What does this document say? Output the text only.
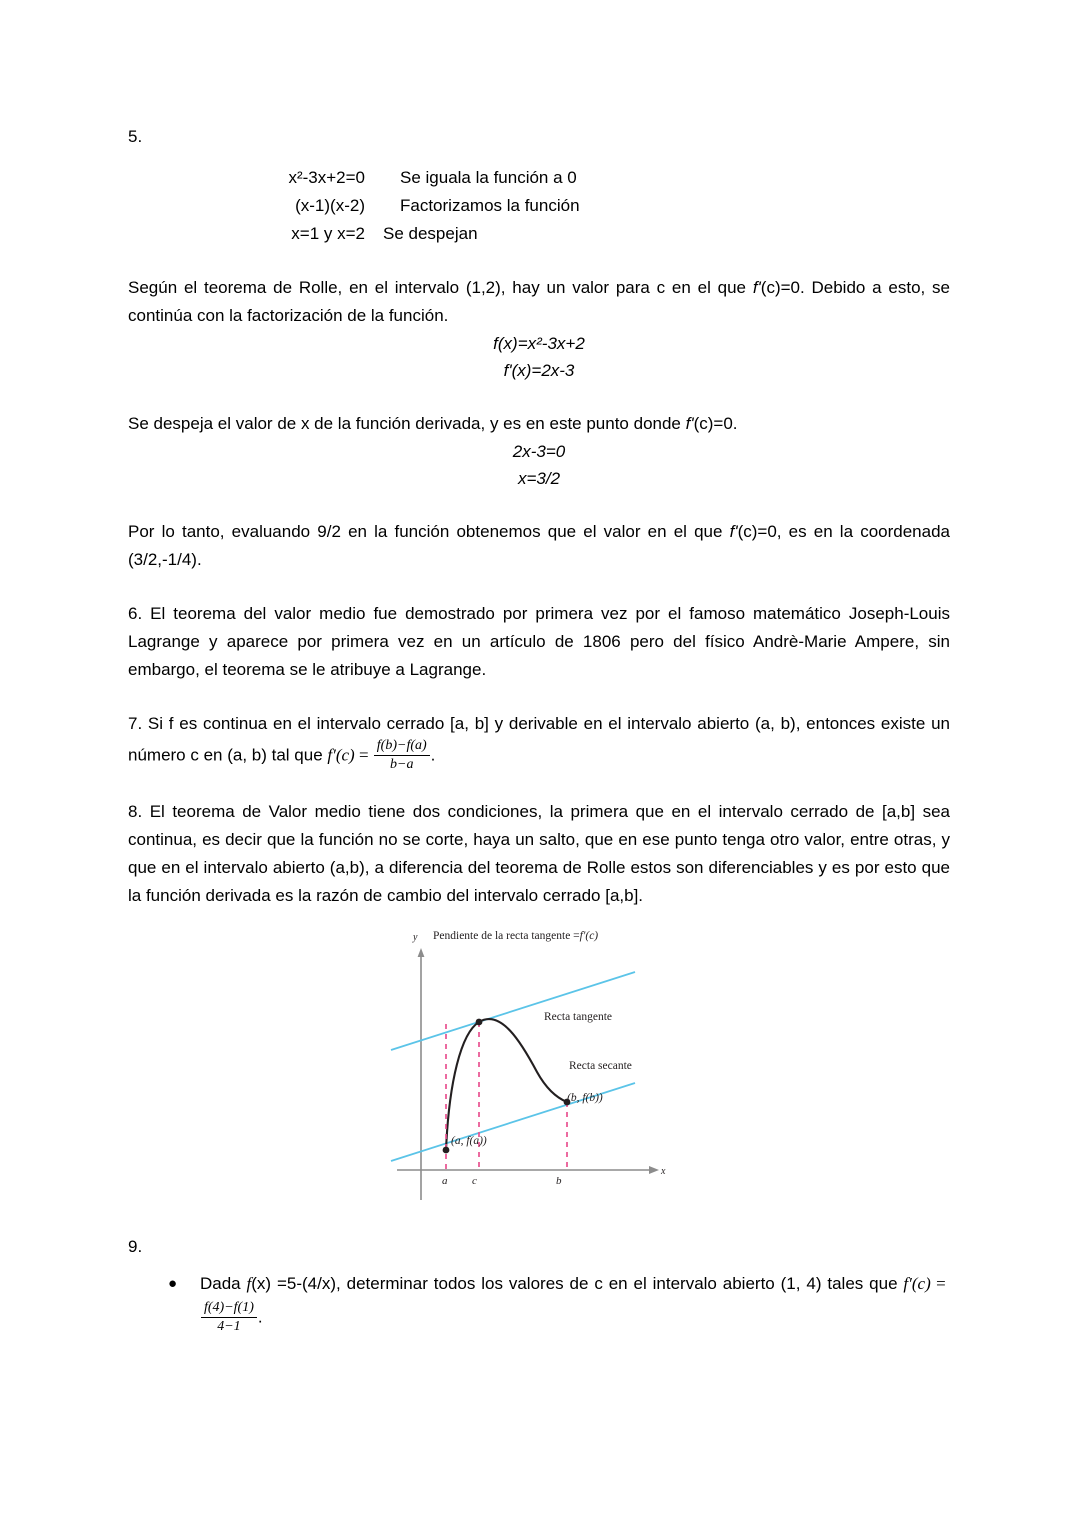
5.
x²-3x+2=0	Se iguala la función a 0
(x-1)(x-2)	Factorizamos la función
x=1 y x=2	Se despejan

Según el teorema de Rolle, en el intervalo (1,2), hay un valor para c en el que f'(c)=0. Debido a esto, se continúa con la factorización de la función.

f(x)=x²-3x+2
f'(x)=2x-3

Se despeja el valor de x de la función derivada, y es en este punto donde f'(c)=0.

2x-3=0
x=3/2

Por lo tanto, evaluando 9/2 en la función obtenemos que el valor en el que f'(c)=0, es en la coordenada (3/2,-1/4).

6. El teorema del valor medio fue demostrado por primera vez por el famoso matemático Joseph-Louis Lagrange y aparece por primera vez en un artículo de 1806 pero del físico Andrè-Marie Ampere, sin embargo, el teorema se le atribuye a Lagrange.

7. Si f es continua en el intervalo cerrado [a, b] y derivable en el intervalo abierto (a, b), entonces existe un número c en (a, b) tal que $f'(c) = \frac{f(b)-f(a)}{b-a}$ .

8. El teorema de Valor medio tiene dos condiciones, la primera que en el intervalo cerrado de [a,b] sea continua, es decir que la función no se corte, haya un salto, que en ese punto tenga otro valor, entre otras, y que en el intervalo abierto (a,b), a diferencia del teorema de Rolle estos son diferenciables y es por esto que la función derivada es la razón de cambio del intervalo cerrado [a,b].

Pendiente de la recta tangente =f′(c)
y
x
Recta tangente
Recta secante
(a, f(a))
(b, f(b))
a c	b
9.
● Dada f(x) =5-(4/x), determinar todos los valores de c en el intervalo abierto (1, 4) tales que f′(c) =
$\frac{f(4)-f(1)}{4-1}$ .
